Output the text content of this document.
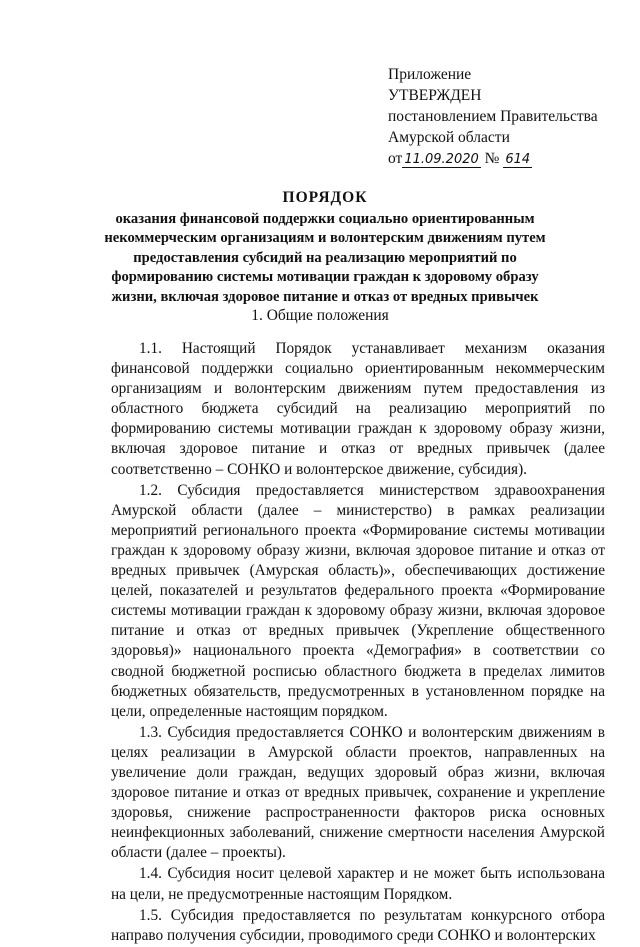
Приложение
УТВЕРЖДЕН
постановлением Правительства
Амурской области
от 11.09.2020 № 614
ПОРЯДОК
оказания финансовой поддержки социально ориентированным некоммерческим организациям и волонтерским движениям путем предоставления субсидий на реализацию мероприятий по формированию системы мотивации граждан к здоровому образу жизни, включая здоровое питание и отказ от вредных привычек
1. Общие положения

1.1. Настоящий Порядок устанавливает механизм оказания финансовой поддержки социально ориентированным некоммерческим организациям и волонтерским движениям путем предоставления из областного бюджета субсидий на реализацию мероприятий по формированию системы мотивации граждан к здоровому образу жизни, включая здоровое питание и отказ от вредных привычек (далее соответственно – СОНКО и волонтерское движение, субсидия).

1.2. Субсидия предоставляется министерством здравоохранения Амурской области (далее – министерство) в рамках реализации мероприятий регионального проекта «Формирование системы мотивации граждан к здоровому образу жизни, включая здоровое питание и отказ от вредных привычек (Амурская область)», обеспечивающих достижение целей, показателей и результатов федерального проекта «Формирование системы мотивации граждан к здоровому образу жизни, включая здоровое питание и отказ от вредных привычек (Укрепление общественного здоровья)» национального проекта «Демография» в соответствии со сводной бюджетной росписью областного бюджета в пределах лимитов бюджетных обязательств, предусмотренных в установленном порядке на цели, определенные настоящим порядком.

1.3. Субсидия предоставляется СОНКО и волонтерским движениям в целях реализации в Амурской области проектов, направленных на увеличение доли граждан, ведущих здоровый образ жизни, включая здоровое питание и отказ от вредных привычек, сохранение и укрепление здоровья, снижение распространенности факторов риска основных неинфекционных заболеваний, снижение смертности населения Амурской области (далее – проекты).

1.4. Субсидия носит целевой характер и не может быть использована на цели, не предусмотренные настоящим Порядком.

1.5. Субсидия предоставляется по результатам конкурсного отбора направо получения субсидии, проводимого среди СОНКО и волонтерских
